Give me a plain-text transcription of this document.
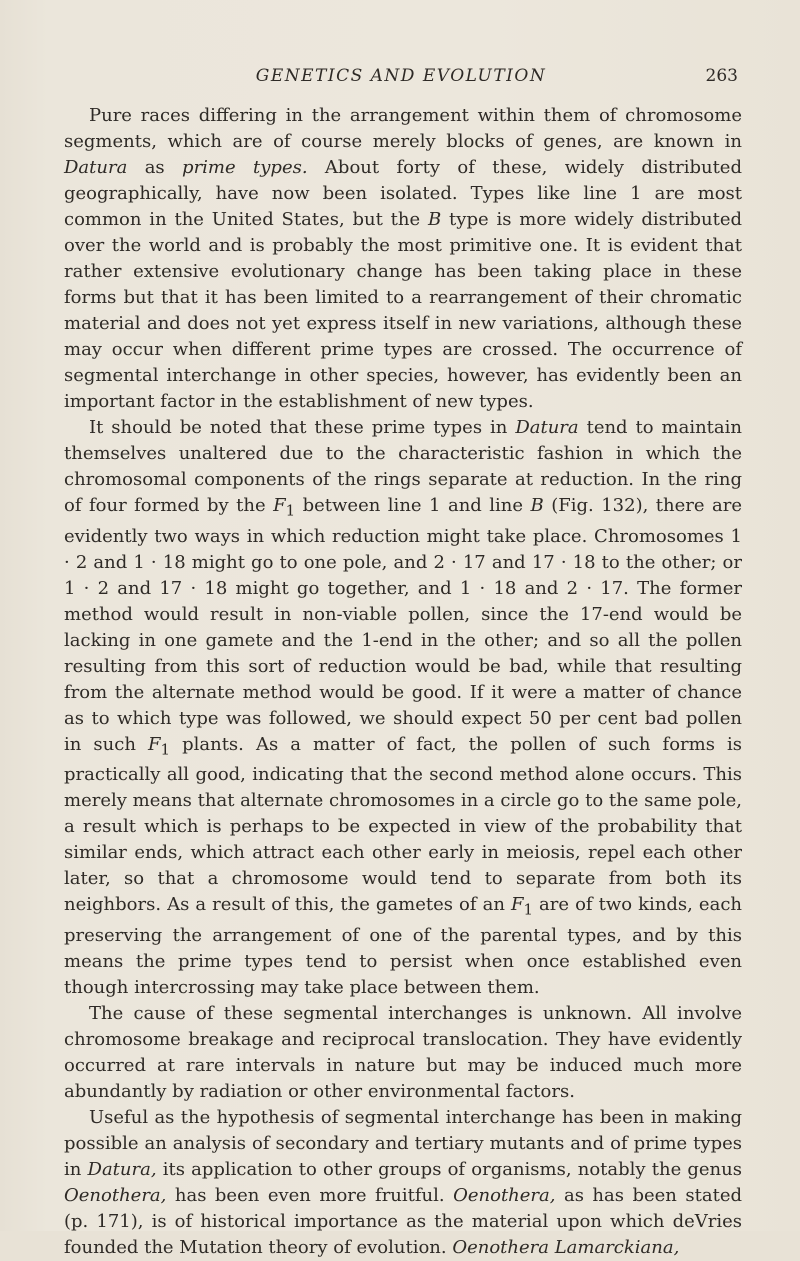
GENETICS AND EVOLUTION	263

Pure races differing in the arrangement within them of chromosome segments, which are of course merely blocks of genes, are known in Datura as prime types. About forty of these, widely distributed geographically, have now been isolated. Types like line 1 are most common in the United States, but the B type is more widely distributed over the world and is probably the most primitive one. It is evident that rather extensive evolutionary change has been taking place in these forms but that it has been limited to a rearrangement of their chromatic material and does not yet express itself in new variations, although these may occur when different prime types are crossed. The occurrence of segmental interchange in other species, however, has evidently been an important factor in the establishment of new types.

It should be noted that these prime types in Datura tend to maintain themselves unaltered due to the characteristic fashion in which the chromosomal components of the rings separate at reduction. In the ring of four formed by the $F_1$ between line 1 and line B (Fig. 132), there are evidently two ways in which reduction might take place. Chromosomes 1 · 2 and 1 · 18 might go to one pole, and 2 · 17 and 17 · 18 to the other; or 1 · 2 and 17 · 18 might go together, and 1 · 18 and 2 · 17. The former method would result in non-viable pollen, since the 17-end would be lacking in one gamete and the 1-end in the other; and so all the pollen resulting from this sort of reduction would be bad, while that resulting from the alternate method would be good. If it were a matter of chance as to which type was followed, we should expect 50 per cent bad pollen in such $F_1$ plants. As a matter of fact, the pollen of such forms is practically all good, indicating that the second method alone occurs. This merely means that alternate chromosomes in a circle go to the same pole, a result which is perhaps to be expected in view of the probability that similar ends, which attract each other early in meiosis, repel each other later, so that a chromosome would tend to separate from both its neighbors. As a result of this, the gametes of an $F_1$ are of two kinds, each preserving the arrangement of one of the parental types, and by this means the prime types tend to persist when once established even though intercrossing may take place between them.

The cause of these segmental interchanges is unknown. All involve chromosome breakage and reciprocal translocation. They have evidently occurred at rare intervals in nature but may be induced much more abundantly by radiation or other environmental factors.

Useful as the hypothesis of segmental interchange has been in making possible an analysis of secondary and tertiary mutants and of prime types in Datura, its application to other groups of organisms, notably the genus Oenothera, has been even more fruitful. Oenothera, as has been stated (p. 171), is of historical importance as the material upon which deVries founded the Mutation theory of evolution. Oenothera Lamarckiana,
